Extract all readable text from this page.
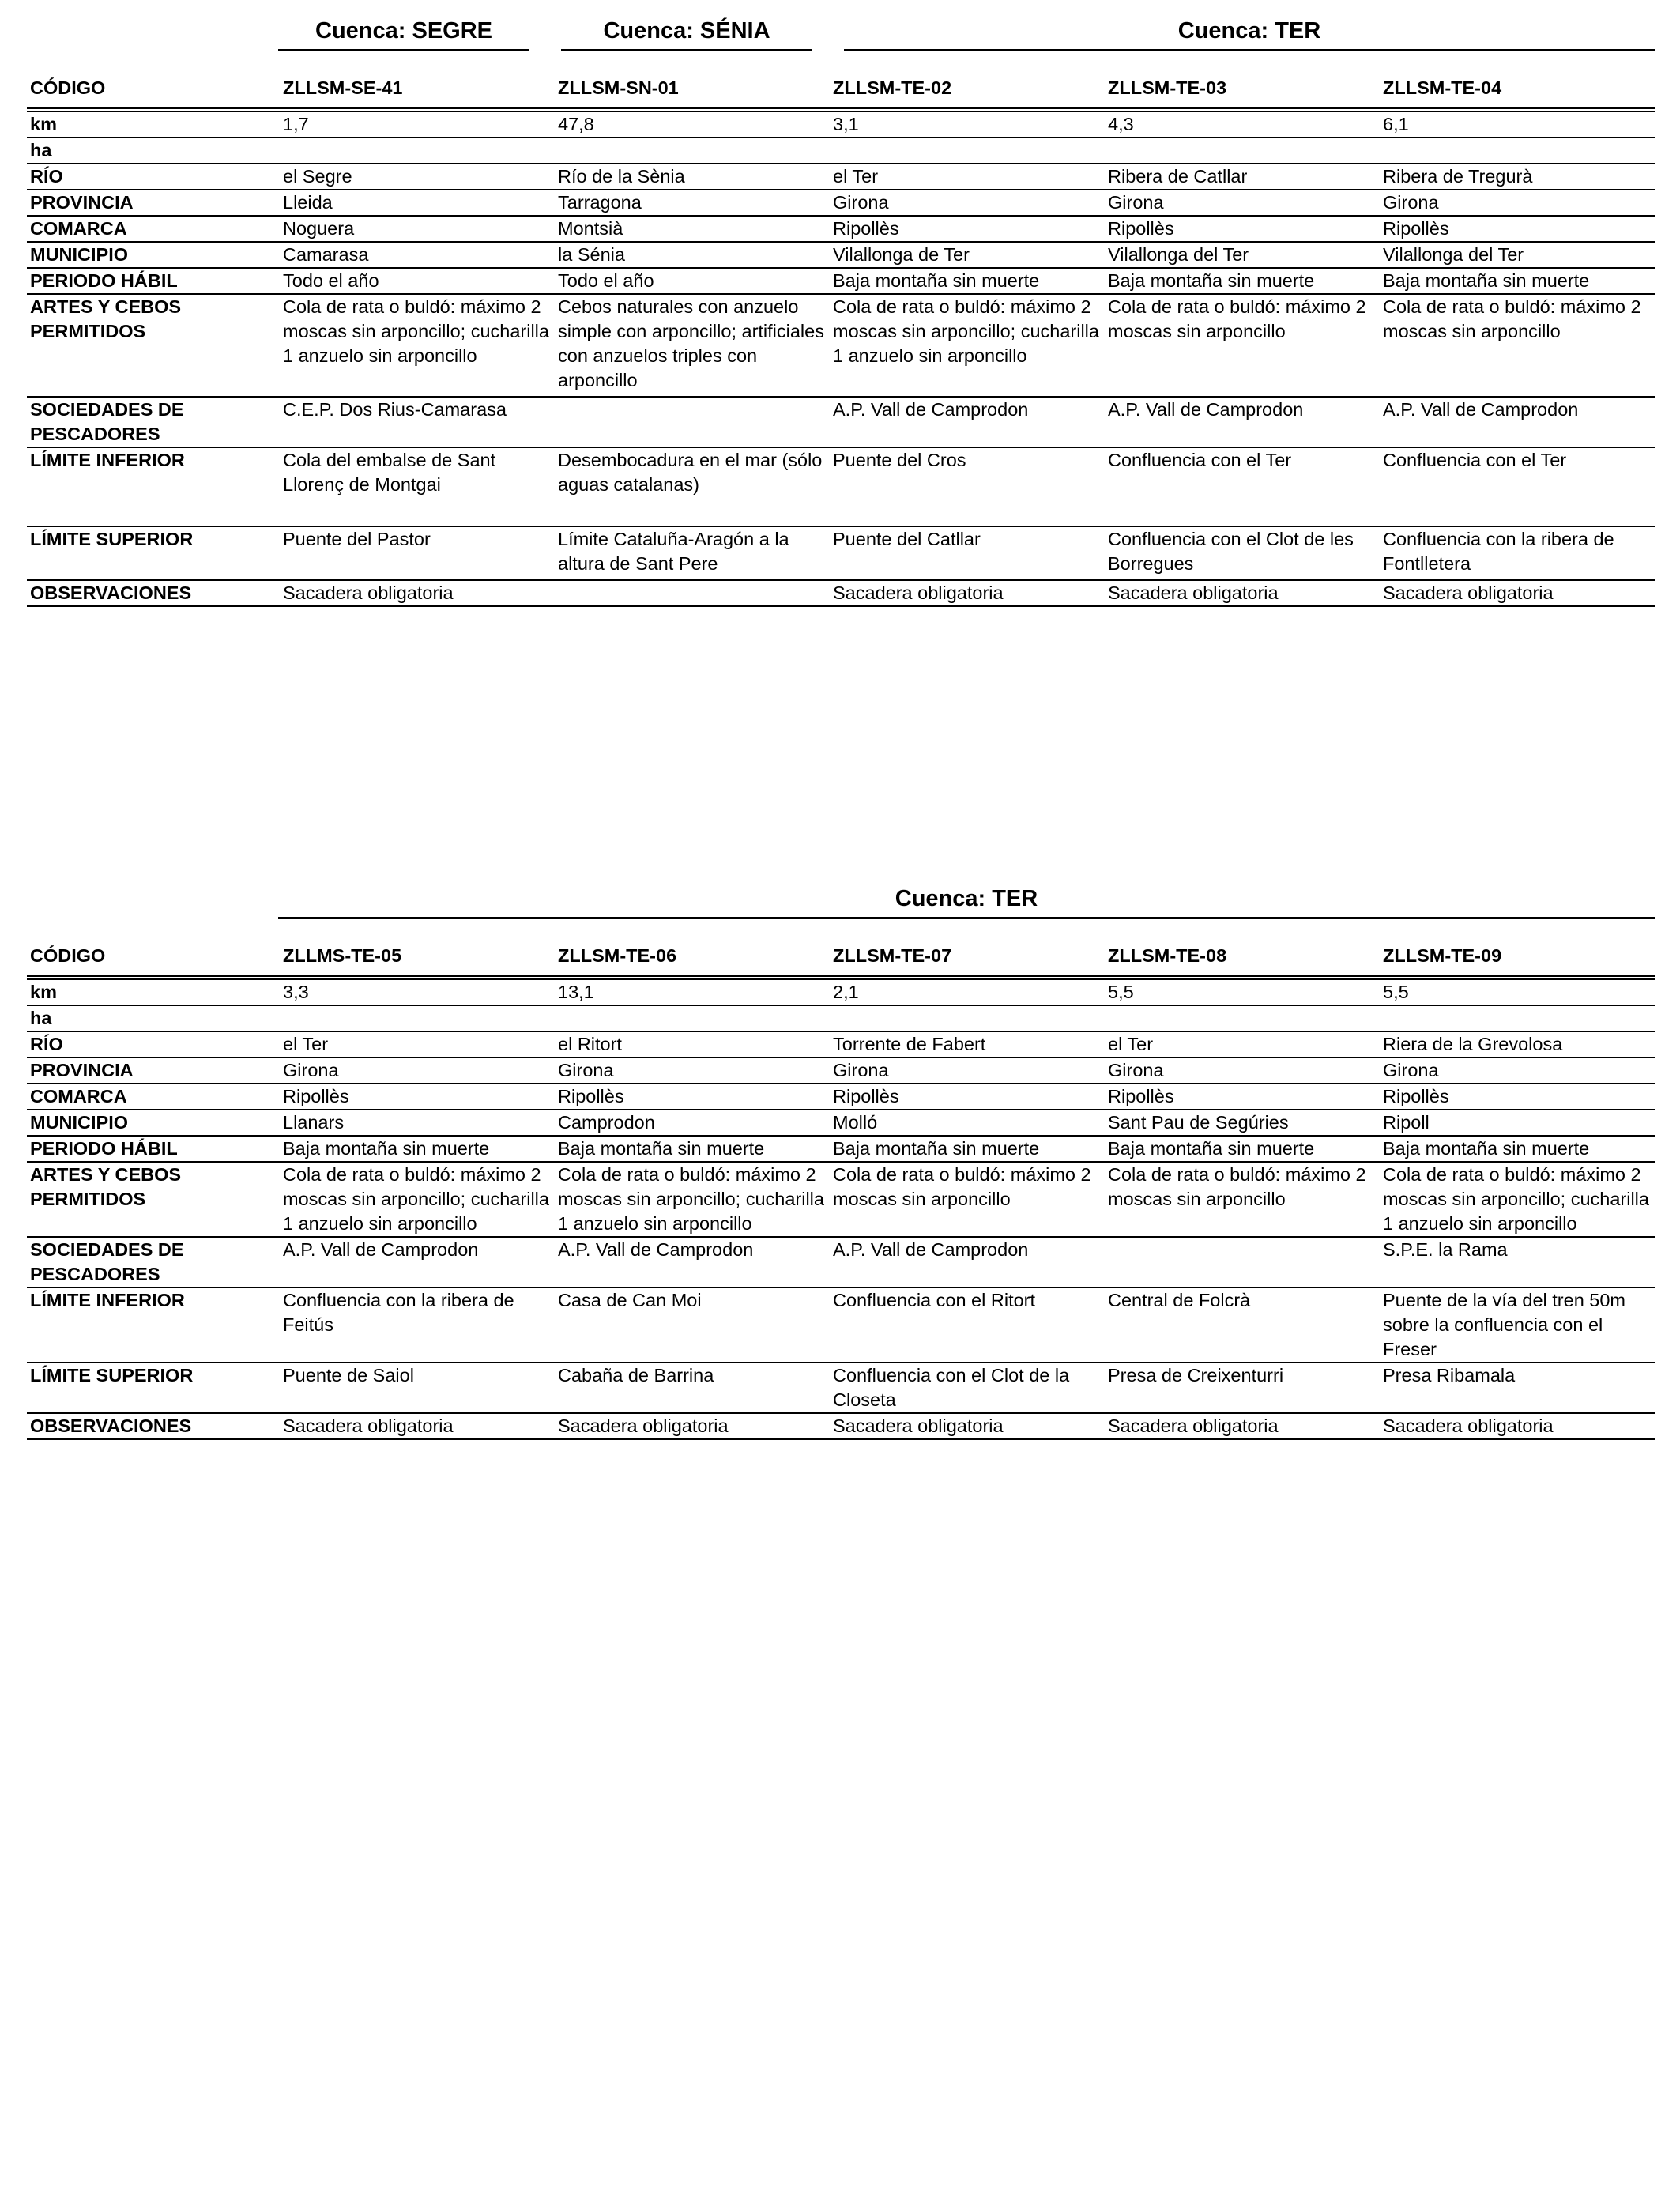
Cuenca: SEGRE	Cuenca: SÉNIA	Cuenca: TER
CÓDIGO	ZLLSM-SE-41	ZLLSM-SN-01	ZLLSM-TE-02	ZLLSM-TE-03	ZLLSM-TE-04
km	1,7	47,8	3,1	4,3	6,1
ha					
RÍO	el Segre	Río de la Sènia	el Ter	Ribera de Catllar	Ribera de Tregurà
PROVINCIA	Lleida	Tarragona	Girona	Girona	Girona
COMARCA	Noguera	Montsià	Ripollès	Ripollès	Ripollès
MUNICIPIO	Camarasa	la Sénia	Vilallonga de Ter	Vilallonga del Ter	Vilallonga del Ter
PERIODO HÁBIL	Todo el año	Todo el año	Baja montaña sin muerte	Baja montaña sin muerte	Baja montaña sin muerte
ARTES Y CEBOS PERMITIDOS	Cola de rata o buldó: máximo 2 moscas sin arponcillo; cucharilla 1 anzuelo sin arponcillo	Cebos naturales con anzuelo simple con arponcillo; artificiales con anzuelos triples con arponcillo	Cola de rata o buldó: máximo 2 moscas sin arponcillo; cucharilla 1 anzuelo sin arponcillo	Cola de rata o buldó: máximo 2 moscas sin arponcillo	Cola de rata o buldó: máximo 2 moscas sin arponcillo
SOCIEDADES DE PESCADORES	C.E.P. Dos Rius-Camarasa		A.P. Vall de Camprodon	A.P. Vall de Camprodon	A.P. Vall de Camprodon
LÍMITE INFERIOR	Cola del embalse de Sant Llorenç de Montgai	Desembocadura en el mar (sólo aguas catalanas)	Puente del Cros	Confluencia con el Ter	Confluencia con el Ter
LÍMITE SUPERIOR	Puente del Pastor	Límite Cataluña-Aragón a la altura de Sant Pere	Puente del Catllar	Confluencia con el Clot de les Borregues	Confluencia con la ribera de Fontlletera
OBSERVACIONES	Sacadera obligatoria		Sacadera obligatoria	Sacadera obligatoria	Sacadera obligatoria
Cuenca: TER
CÓDIGO	ZLLMS-TE-05	ZLLSM-TE-06	ZLLSM-TE-07	ZLLSM-TE-08	ZLLSM-TE-09
km	3,3	13,1	2,1	5,5	5,5
ha					
RÍO	el Ter	el Ritort	Torrente de Fabert	el Ter	Riera de la Grevolosa
PROVINCIA	Girona	Girona	Girona	Girona	Girona
COMARCA	Ripollès	Ripollès	Ripollès	Ripollès	Ripollès
MUNICIPIO	Llanars	Camprodon	Molló	Sant Pau de Segúries	Ripoll
PERIODO HÁBIL	Baja montaña sin muerte	Baja montaña sin muerte	Baja montaña sin muerte	Baja montaña sin muerte	Baja montaña sin muerte
ARTES Y CEBOS PERMITIDOS	Cola de rata o buldó: máximo 2 moscas sin arponcillo; cucharilla 1 anzuelo sin arponcillo	Cola de rata o buldó: máximo 2 moscas sin arponcillo; cucharilla 1 anzuelo sin arponcillo	Cola de rata o buldó: máximo 2 moscas sin arponcillo	Cola de rata o buldó: máximo 2 moscas sin arponcillo	Cola de rata o buldó: máximo 2 moscas sin arponcillo; cucharilla 1 anzuelo sin arponcillo
SOCIEDADES DE PESCADORES	A.P. Vall de Camprodon	A.P. Vall de Camprodon	A.P. Vall de Camprodon		S.P.E. la Rama
LÍMITE INFERIOR	Confluencia con la ribera de Feitús	Casa de Can Moi	Confluencia con el Ritort	Central de Folcrà	Puente de la vía del tren 50m sobre la confluencia con el Freser
LÍMITE SUPERIOR	Puente de Saiol	Cabaña de Barrina	Confluencia con el Clot de la Closeta	Presa de Creixenturri	Presa Ribamala
OBSERVACIONES	Sacadera obligatoria	Sacadera obligatoria	Sacadera obligatoria	Sacadera obligatoria	Sacadera obligatoria
